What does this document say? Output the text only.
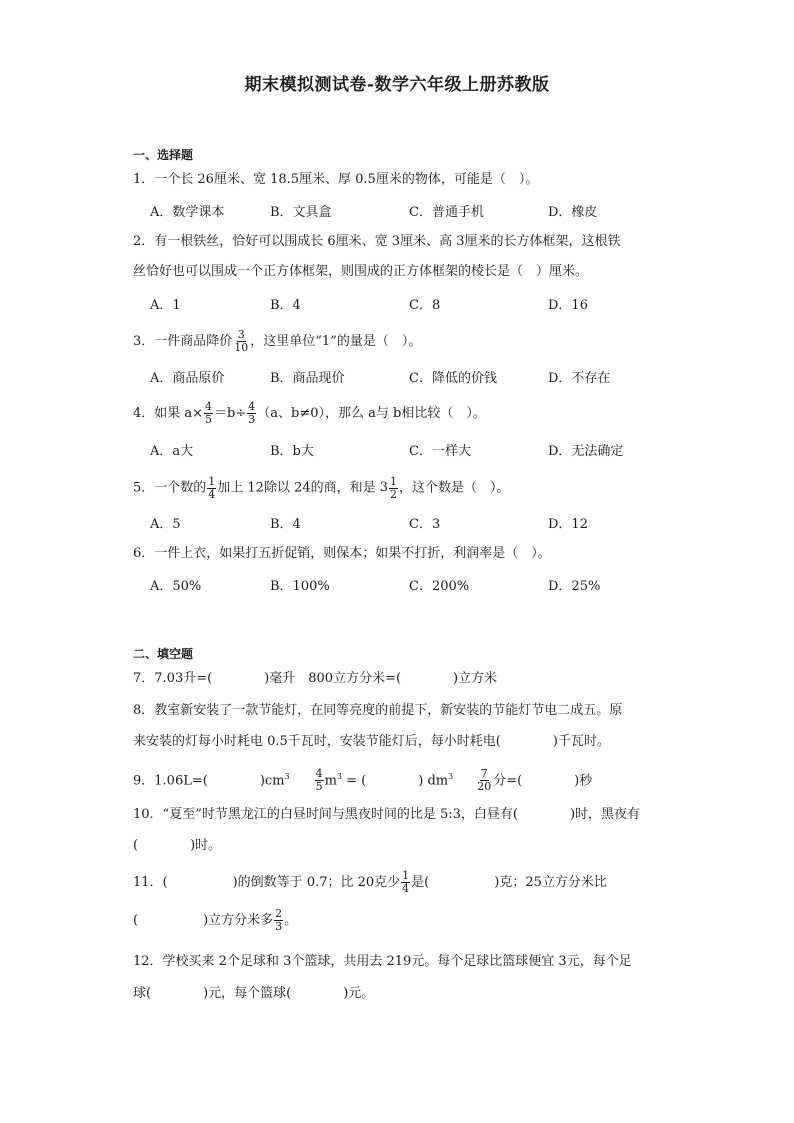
期末模拟测试卷-数学六年级上册苏教版
一、选择题
1．一个长 26厘米、宽 18.5厘米、厚 0.5厘米的物体，可能是（　）。
A．数学课本	B．文具盒	C．普通手机	D．橡皮
2．有一根铁丝，恰好可以围成长 6厘米、宽 3厘米、高 3厘米的长方体框架，这根铁
丝恰好也可以围成一个正方体框架，则围成的正方体框架的棱长是（　）厘米。
A．1	B．4	C．8	D．16
3．一件商品降价 $\frac{3}{10}$ ，这里单位“1”的量是（　）。
A．商品原价	B．商品现价	C．降低的价钱	D．不存在
4．如果 $a\times \frac{4}{5} =b\div \frac{4}{3} (a$、b≠0），那么 a与 b相比较（　）。
A．a大	B．b大	C．一样大	D．无法确定
5．一个数的 $\frac{1}{4}$ 加上 12除以 24的商，和是 $3 \frac{1}{2}$ ，这个数是（　）。
A．5	B．4	C．3	D．12
6．一件上衣，如果打五折促销，则保本；如果不打折，利润率是（　）。
A．50%	B．100%	C．200%	D．25%
二、填空题
7．7.03升=(　　　　)毫升　800立方分米=(　　　　)立方米
8．教室新安装了一款节能灯，在同等亮度的前提下，新安装的节能灯节电二成五。原
来安装的灯每小时耗电 0.5千瓦时，安装节能灯后，每小时耗电(　　　　)千瓦时。
9．1.06L=(　　　　)$cm^3 \frac{4}{5} m^3$ = (　　　　) $dm^3 \frac{7}{20}$ 分=(　　　　)秒
10．“夏至”时节黑龙江的白昼时间与黑夜时间的比是 5:3，白昼有(　　　　)时，黑夜有
(　　　　)时。
11．(　　　　　)的倒数等于 0.7；比 20克少 $\frac{1}{4}$ 是(　　　　　)克；25立方分米比
(　　　　　)立方分米多 $\frac{2}{3}$ 。
12．学校买来 2个足球和 3个篮球，共用去 219元。每个足球比篮球便宜 3元，每个足
球(　　　　)元，每个篮球(　　　　)元。
